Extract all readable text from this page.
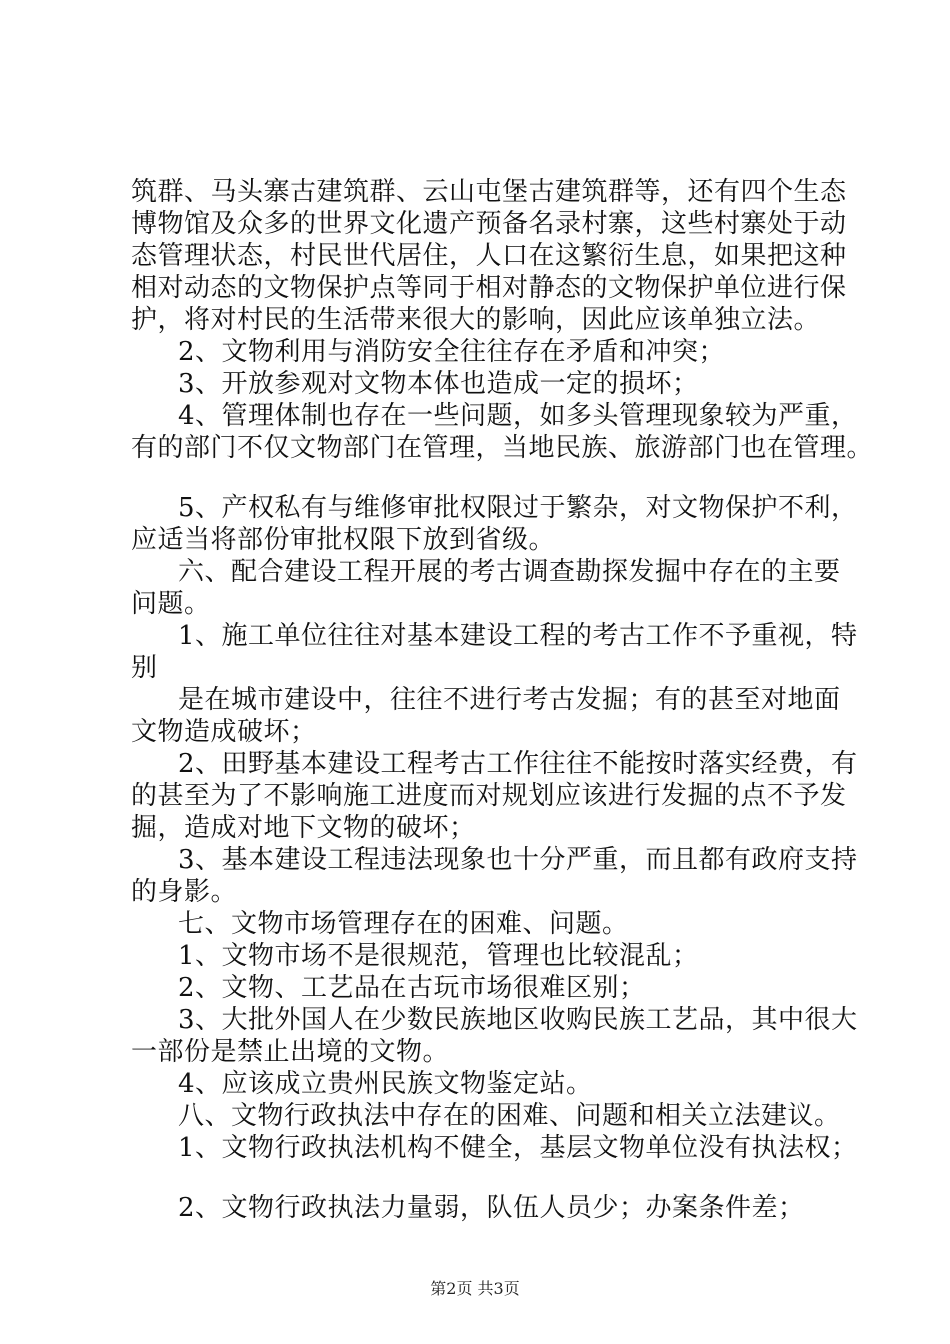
筑群、马头寨古建筑群、云山屯堡古建筑群等，还有四个生态
博物馆及众多的世界文化遗产预备名录村寨，这些村寨处于动
态管理状态，村民世代居住，人口在这繁衍生息，如果把这种
相对动态的文物保护点等同于相对静态的文物保护单位进行保
护，将对村民的生活带来很大的影响，因此应该单独立法。
2、文物利用与消防安全往往存在矛盾和冲突；
3、开放参观对文物本体也造成一定的损坏；
4、管理体制也存在一些问题，如多头管理现象较为严重，
有的部门不仅文物部门在管理，当地民族、旅游部门也在管理。
5、产权私有与维修审批权限过于繁杂，对文物保护不利，
应适当将部份审批权限下放到省级。
六、配合建设工程开展的考古调查勘探发掘中存在的主要
问题。
1、施工单位往往对基本建设工程的考古工作不予重视，特
别
是在城市建设中，往往不进行考古发掘；有的甚至对地面
文物造成破坏；
2、田野基本建设工程考古工作往往不能按时落实经费，有
的甚至为了不影响施工进度而对规划应该进行发掘的点不予发
掘，造成对地下文物的破坏；
3、基本建设工程违法现象也十分严重，而且都有政府支持
的身影。
七、文物市场管理存在的困难、问题。
1、文物市场不是很规范，管理也比较混乱；
2、文物、工艺品在古玩市场很难区别；
3、大批外国人在少数民族地区收购民族工艺品，其中很大
一部份是禁止出境的文物。
4、应该成立贵州民族文物鉴定站。
八、文物行政执法中存在的困难、问题和相关立法建议。
1、文物行政执法机构不健全，基层文物单位没有执法权；
2、文物行政执法力量弱，队伍人员少；办案条件差；
第2页 共3页
